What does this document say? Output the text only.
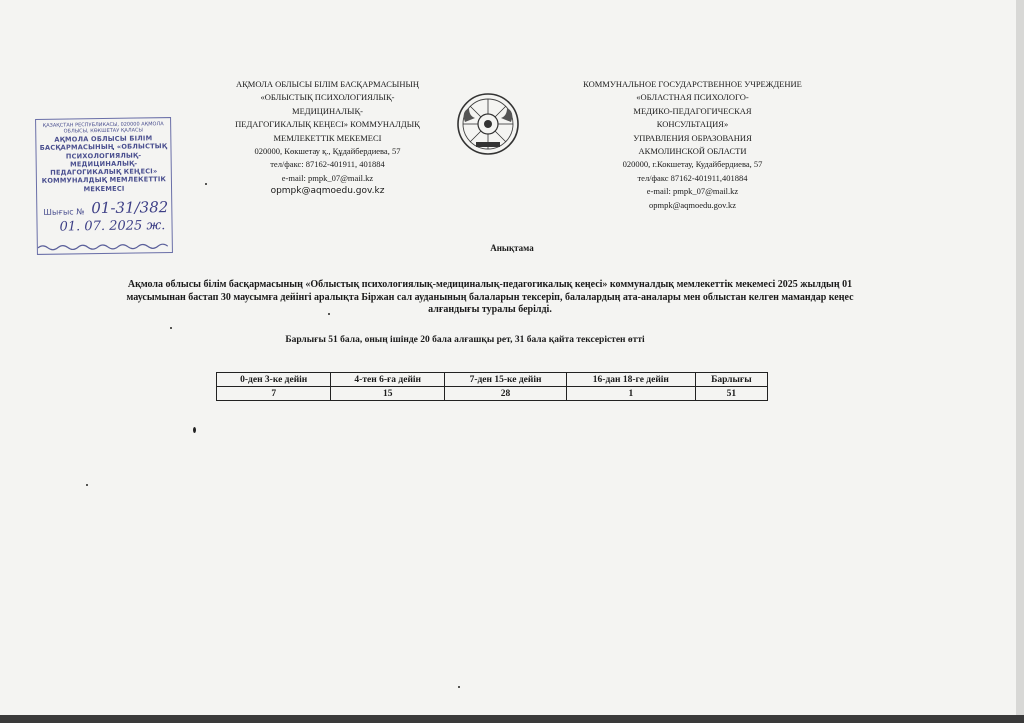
АҚМОЛА ОБЛЫСЫ БІЛІМ БАСҚАРМАСЫНЫҢ
«ОБЛЫСТЫҚ ПСИХОЛОГИЯЛЫҚ-
МЕДИЦИНАЛЫҚ-
ПЕДАГОГИКАЛЫҚ КЕҢЕСІ» КОММУНАЛДЫҚ
МЕМЛЕКЕТТІК МЕКЕМЕСІ
020000, Көкшетау қ., Құдайбердиева, 57
тел/факс: 87162-401911, 401884
e-mail: pmpk_07@mail.kz
opmpk@aqmoedu.gov.kz
КОММУНАЛЬНОЕ ГОСУДАРСТВЕННОЕ УЧРЕЖДЕНИЕ
«ОБЛАСТНАЯ ПСИХОЛОГО-
МЕДИКО-ПЕДАГОГИЧЕСКАЯ
КОНСУЛЬТАЦИЯ»
УПРАВЛЕНИЯ ОБРАЗОВАНИЯ
АКМОЛИНСКОЙ ОБЛАСТИ
020000, г.Кокшетау, Кудайбердиева, 57
тел/факс 87162-401911,401884
e-mail: pmpk_07@mail.kz
opmpk@aqmoedu.gov.kz
ҚАЗАҚСТАН РЕСПУБЛИКАСЫ, 020000 АҚМОЛА ОБЛЫСЫ, КӨКШЕТАУ ҚАЛАСЫ
АҚМОЛА ОБЛЫСЫ БІЛІМ БАСҚАРМАСЫНЫҢ «ОБЛЫСТЫҚ ПСИХОЛОГИЯЛЫҚ-МЕДИЦИНАЛЫҚ-ПЕДАГОГИКАЛЫҚ КЕҢЕСІ» КОММУНАЛДЫҚ МЕМЛЕКЕТТІК МЕКЕМЕСІ
Шығыс № 01-31/382
01. 07. 2025 ж.
Анықтама
Ақмола облысы білім басқармасының «Облыстық психологиялық-медициналық-педагогикалық кеңесі» коммуналдық мемлекеттік мекемесі 2025 жылдың 01 маусымынан бастап 30 маусымға дейінгі аралықта Біржан сал ауданының балаларын тексеріп, балалардың ата-аналары мен облыстан келген мамандар кеңес алғандығы туралы берілді.
Барлығы 51 бала, оның ішінде 20 бала алғашқы рет, 31 бала қайта тексерістен өтті
0-ден 3-ке дейін	4-тен 6-ға дейін	7-ден 15-ке дейін	16-дан 18-ге дейін	Барлығы
7	15	28	1	51
